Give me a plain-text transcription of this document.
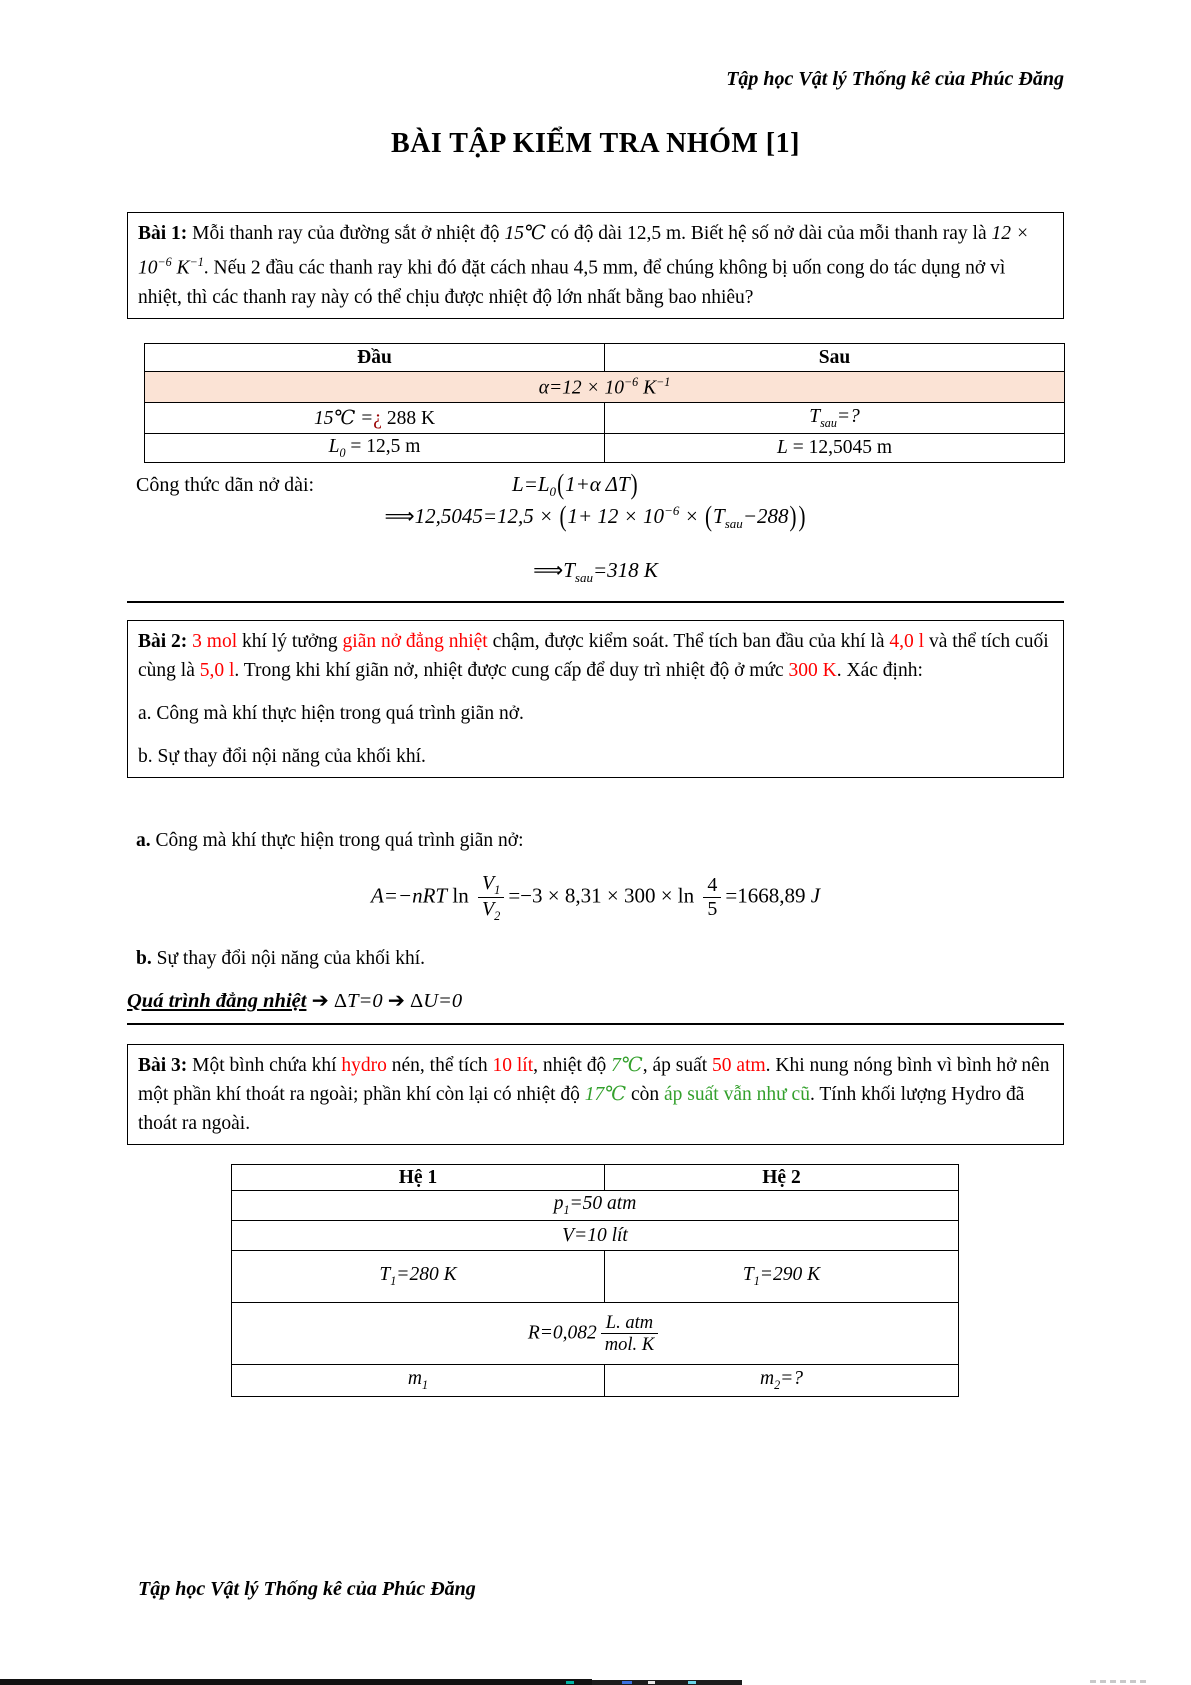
Tập học Vật lý Thống kê của Phúc Đăng
BÀI TẬP KIỂM TRA NHÓM [1]

Bài 1: Mỗi thanh ray của đường sắt ở nhiệt độ 15℃ có độ dài 12,5 m. Biết hệ số nở dài của mỗi thanh ray là $12 \times 10^{-6}$ $K^{-1}$. Nếu 2 đầu các thanh ray khi đó đặt cách nhau 4,5 mm, để chúng không bị uốn cong do tác dụng nở vì nhiệt, thì các thanh ray này có thể chịu được nhiệt độ lớn nhất bằng bao nhiêu?

Đầu	Sau
$\alpha=12 \times 10^{-6}$ $K^{-1}$
15℃ =¿ 288 K	$T_{sau}=$?
$L_0 = 12,5$ m	L = 12,5045 m
Công thức dãn nở dài:	$L=L_0(1+\alpha$ ΔT)
⟹12,5045=12,5 × $(1+ 12 \times 10^{-6} \times (T_{sau}-288))$
$⟹T_{sau}=318$ K

Bài 2: 3 mol khí lý tưởng giãn nở đẳng nhiệt chậm, được kiểm soát. Thể tích ban đầu của khí là 4,0 l và thể tích cuối cùng là 5,0 l. Trong khi khí giãn nở, nhiệt được cung cấp để duy trì nhiệt độ ở mức 300 K. Xác định:

a. Công mà khí thực hiện trong quá trình giãn nở.

b. Sự thay đổi nội năng của khối khí.

a. Công mà khí thực hiện trong quá trình giãn nở:

A=−nRT $\ln \frac{V_1}{V_2} =-3 \times 8,31 \times 300 \times \ln \frac{4}{5} =1668,89$ J

b. Sự thay đổi nội năng của khối khí.

Quá trình đẳng nhiệt ➔ ΔT=0 ➔ ΔU=0

Bài 3: Một bình chứa khí hydro nén, thể tích 10 lít, nhiệt độ 7℃, áp suất 50 atm. Khi nung nóng bình vì bình hở nên một phần khí thoát ra ngoài; phần khí còn lại có nhiệt độ 17℃ còn áp suất vẫn như cũ. Tính khối lượng Hydro đã thoát ra ngoài.

Hệ 1	Hệ 2
$p_1=50$ atm	
V=10 lít	
$T_1=280$ K	$T_1=290$ K
$R=0,082 \frac{\text{L. atm}}{\text{mol. K}}$

$m_1$	$m_2=$?
Tập học Vật lý Thống kê của Phúc Đăng
